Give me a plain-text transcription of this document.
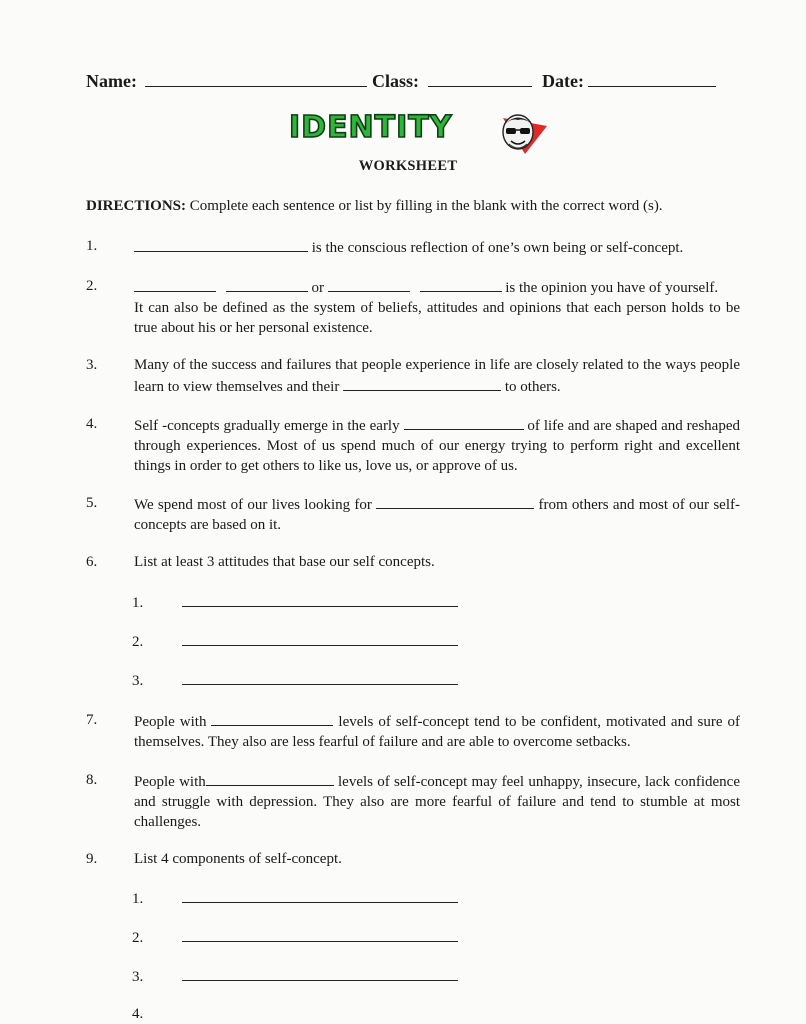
Name:	Class:	Date:
IDENTITY
WORKSHEET
DIRECTIONS: Complete each sentence or list by filling in the blank with the correct word (s).
1.	is the conscious reflection of one’s own being or self-concept.
2.	or	is the opinion you have of yourself.
It can also be defined as the system of beliefs, attitudes and opinions that each person holds to be true about his or her personal existence.
3.	Many of the success and failures that people experience in life are closely related to the ways people learn to view themselves and their	to others.
4.	Self -concepts gradually emerge in the early	of life and are shaped and reshaped through experiences. Most of us spend much of our energy trying to perform right and excellent things in order to get others to like us, love us, or approve of us.
5.	We spend most of our lives looking for	from others and most of our self-concepts are based on it.
6.	List at least 3 attitudes that base our self concepts.
1.
2.
3.
7.	People with	levels of self-concept tend to be confident, motivated and sure of themselves. They also are less fearful of failure and are able to overcome setbacks.
8.	People with	levels of self-concept may feel unhappy, insecure, lack confidence and struggle with depression. They also are more fearful of failure and tend to stumble at most challenges.
9.	List 4 components of self-concept.
1.
2.
3.
4.
